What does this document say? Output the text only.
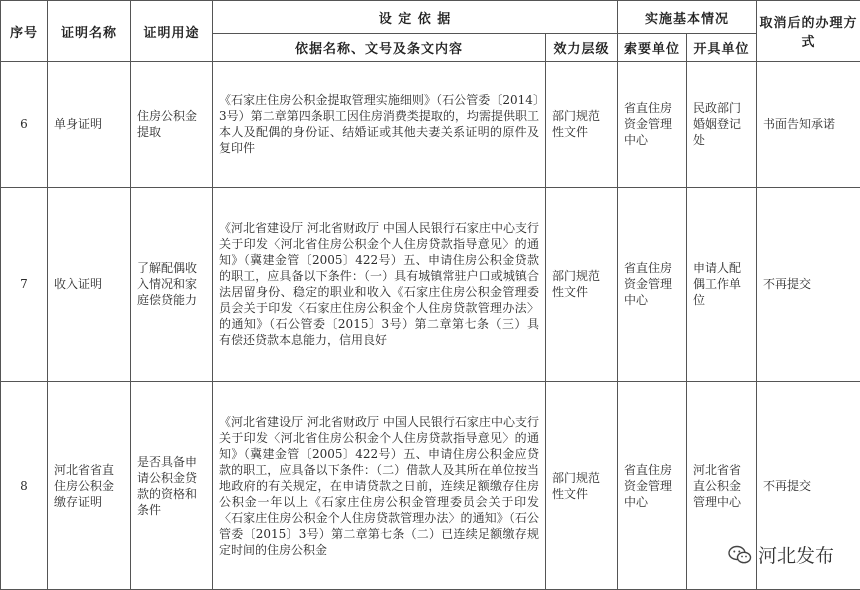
序号	证明名称	证明用途	设 定 依 据		实施基本情况		取消后的办理方式
			依据名称、文号及条文内容	效力层级	索要单位	开具单位	
6	单身证明	住房公积金提取	《石家庄住房公积金提取管理实施细则》（石公管委〔2014〕3号）第二章第四条职工因住房消费类提取的，均需提供职工本人及配偶的身份证、结婚证或其他夫妻关系证明的原件及复印件	部门规范性文件	省直住房资金管理中心	民政部门婚姻登记处	书面告知承诺
7	收入证明	了解配偶收入情况和家庭偿贷能力	《河北省建设厅 河北省财政厅 中国人民银行石家庄中心支行关于印发〈河北省住房公积金个人住房贷款指导意见〉的通知》（冀建金管〔2005〕422号）五、申请住房公积金贷款的职工，应具备以下条件：（一）具有城镇常驻户口或城镇合法居留身份、稳定的职业和收入《石家庄住房公积金管理委员会关于印发〈石家庄住房公积金个人住房贷款管理办法〉的通知》（石公管委〔2015〕3号）第二章第七条（三）具有偿还贷款本息能力，信用良好	部门规范性文件	省直住房资金管理中心	申请人配偶工作单位	不再提交
8	河北省省直住房公积金缴存证明	是否具备申请公积金贷款的资格和条件	《河北省建设厅 河北省财政厅 中国人民银行石家庄中心支行关于印发〈河北省住房公积金个人住房贷款指导意见〉的通知》（冀建金管〔2005〕422号）五、申请住房公积金应贷款的职工，应具备以下条件：（二）借款人及其所在单位按当地政府的有关规定，在申请贷款之日前，连续足额缴存住房公积金一年以上《石家庄住房公积金管理委员会关于印发〈石家庄住房公积金个人住房贷款管理办法〉的通知》（石公管委〔2015〕3号）第二章第七条（二）已连续足额缴存规定时间的住房公积金	部门规范性文件	省直住房资金管理中心	河北省省直公积金管理中心	不再提交
河北发布
